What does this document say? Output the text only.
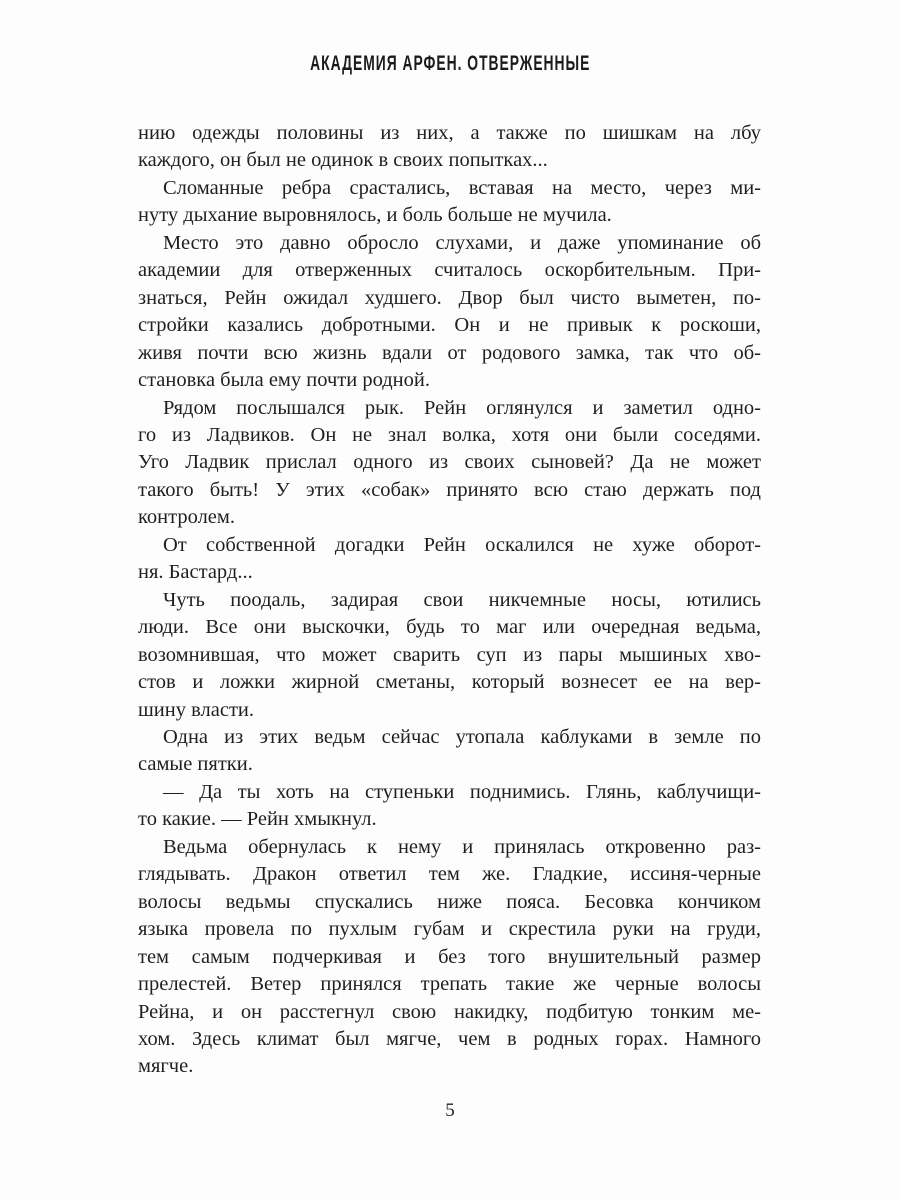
АКАДЕМИЯ АРФЕН. ОТВЕРЖЕННЫЕ
нию одежды половины из них, а также по шишкам на лбу
каждого, он был не одинок в своих попытках...
Сломанные ребра срастались, вставая на место, через ми-
нуту дыхание выровнялось, и боль больше не мучила.
Место это давно обросло слухами, и даже упоминание об
академии для отверженных считалось оскорбительным. При-
знаться, Рейн ожидал худшего. Двор был чисто выметен, по-
стройки казались добротными. Он и не привык к роскоши,
живя почти всю жизнь вдали от родового замка, так что об-
становка была ему почти родной.
Рядом послышался рык. Рейн оглянулся и заметил одно-
го из Ладвиков. Он не знал волка, хотя они были соседями.
Уго Ладвик прислал одного из своих сыновей? Да не может
такого быть! У этих «собак» принято всю стаю держать под
контролем.
От собственной догадки Рейн оскалился не хуже оборот-
ня. Бастард...
Чуть поодаль, задирая свои никчемные носы, ютились
люди. Все они выскочки, будь то маг или очередная ведьма,
возомнившая, что может сварить суп из пары мышиных хво-
стов и ложки жирной сметаны, который вознесет ее на вер-
шину власти.
Одна из этих ведьм сейчас утопала каблуками в земле по
самые пятки.
— Да ты хоть на ступеньки поднимись. Глянь, каблучищи-
то какие. — Рейн хмыкнул.
Ведьма обернулась к нему и принялась откровенно раз-
глядывать. Дракон ответил тем же. Гладкие, иссиня-черные
волосы ведьмы спускались ниже пояса. Бесовка кончиком
языка провела по пухлым губам и скрестила руки на груди,
тем самым подчеркивая и без того внушительный размер
прелестей. Ветер принялся трепать такие же черные волосы
Рейна, и он расстегнул свою накидку, подбитую тонким ме-
хом. Здесь климат был мягче, чем в родных горах. Намного
мягче.
5
